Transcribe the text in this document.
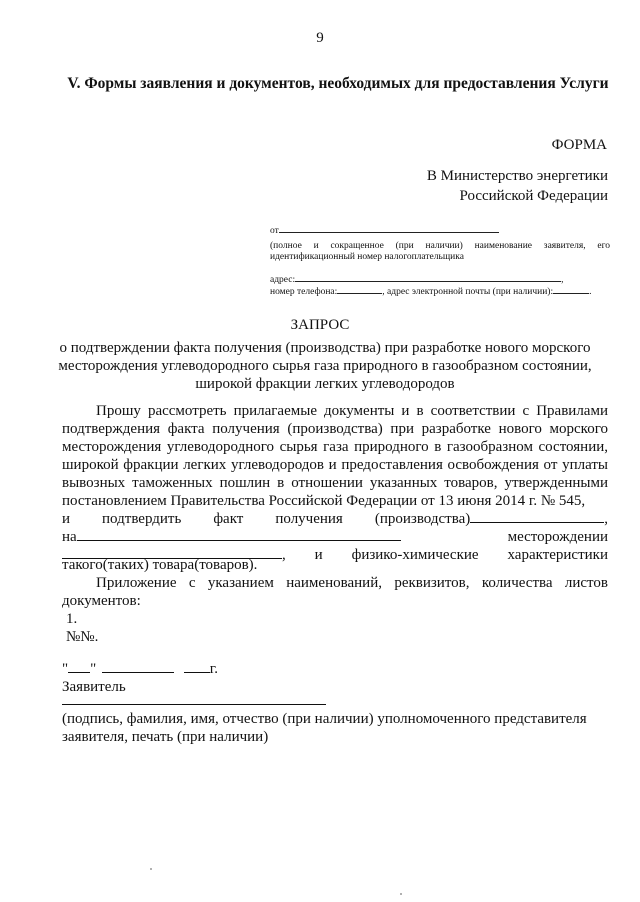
9
V. Формы заявления и документов, необходимых для предоставления Услуги
ФОРМА
В Министерство энергетики
Российской Федерации
от
(полное и сокращенное (при наличии) наименование заявителя, его идентификационный номер налогоплательщика
адрес:	,
номер телефона:	, адрес электронной почты (при наличии):	.
ЗАПРОС
о подтверждении факта получения (производства) при разработке нового морского месторождения углеводородного сырья газа природного в газообразном состоянии, широкой фракции легких углеводородов
Прошу рассмотреть прилагаемые документы и в соответствии с Правилами подтверждения факта получения (производства) при разработке нового морского месторождения углеводородного сырья газа природного в газообразном состоянии, широкой фракции легких углеводородов и предоставления освобождения от уплаты вывозных таможенных пошлин в отношении указанных товаров, утвержденными постановлением Правительства Российской Федерации от 13 июня 2014 г. № 545,
и подтвердить факт получения (производства)	,
на	месторождении
, и физико-химические характеристики
такого(таких) товара(товаров).
Приложение с указанием наименований, реквизитов, количества листов документов:
1.
№№.
" "	г.
Заявитель
(подпись, фамилия, имя, отчество (при наличии) уполномоченного представителя заявителя, печать (при наличии)
